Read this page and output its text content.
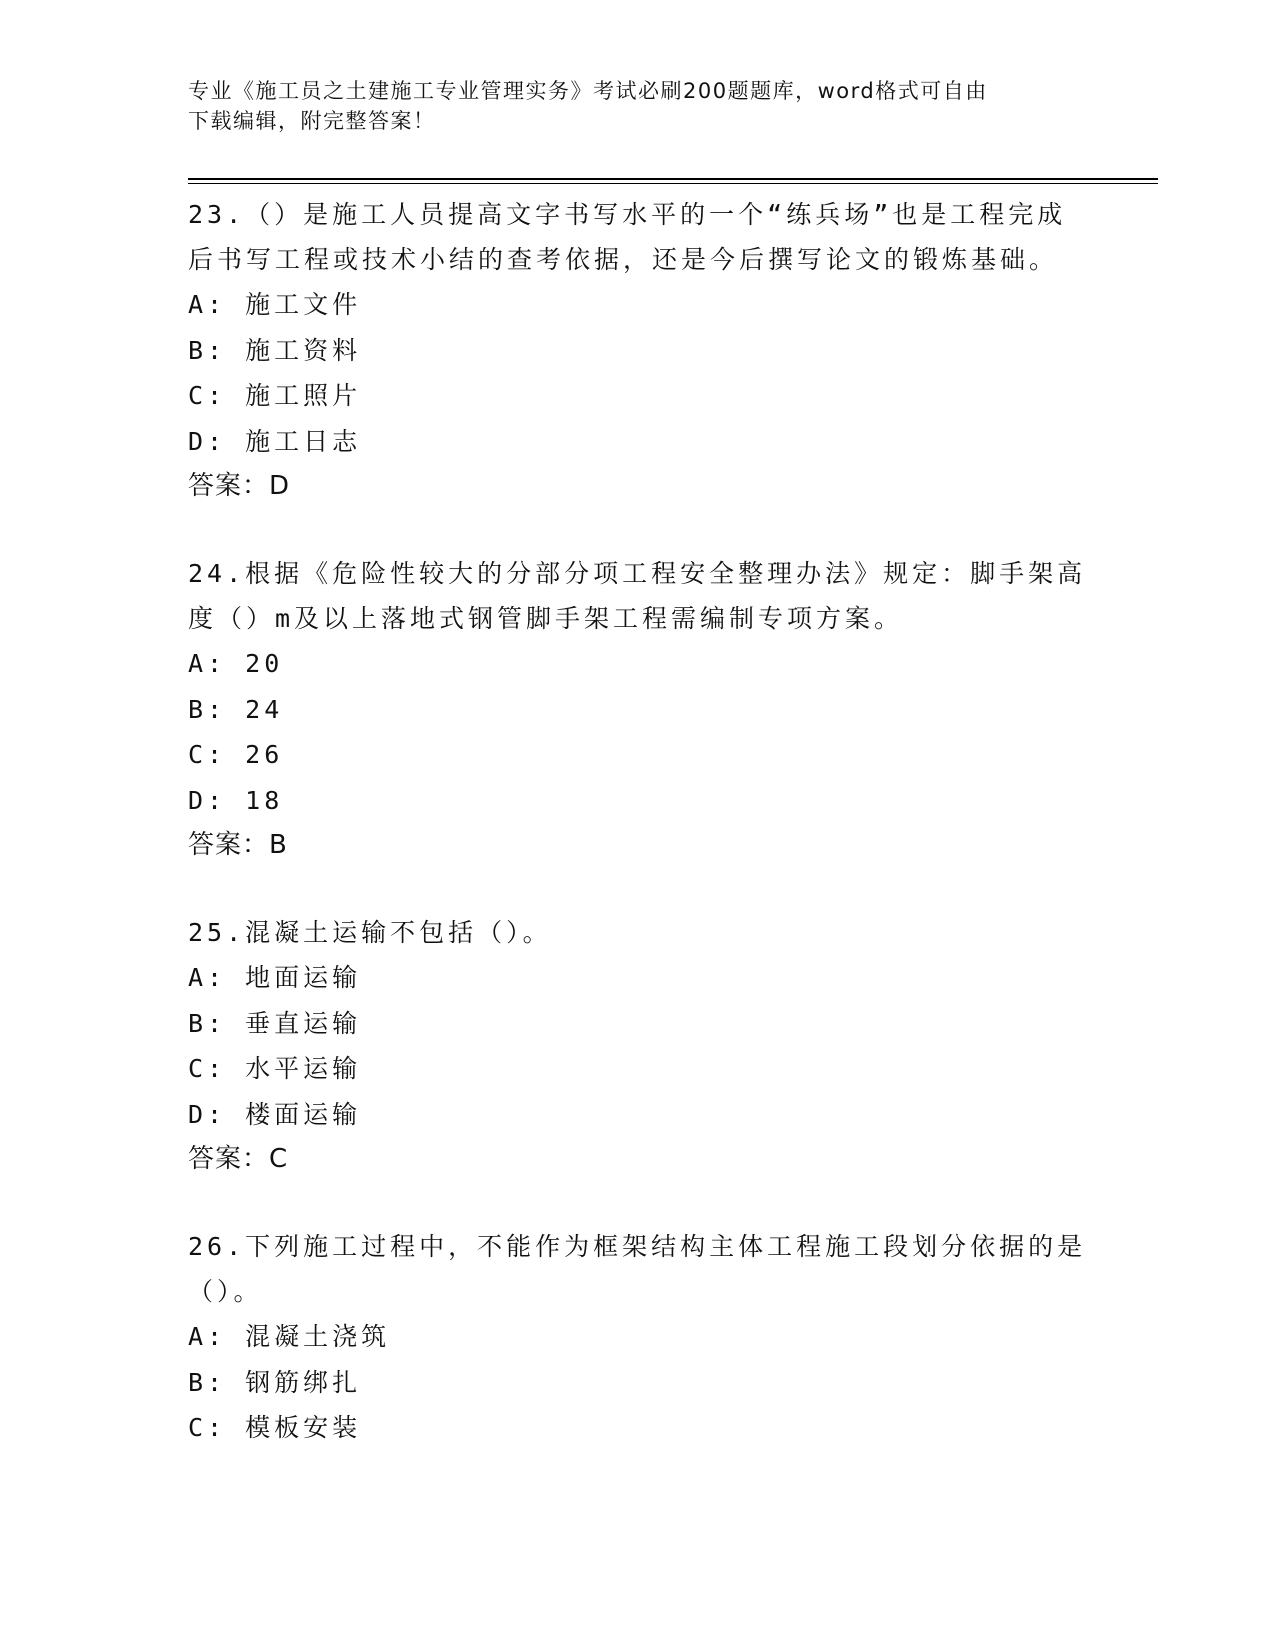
专业《施工员之土建施工专业管理实务》考试必刷200题题库，word格式可自由
下载编辑，附完整答案！

23.（）是施工人员提高文字书写水平的一个“练兵场”也是工程完成

后书写工程或技术小结的查考依据，还是今后撰写论文的锻炼基础。

A: 施工文件

B: 施工资料

C: 施工照片

D: 施工日志

答案：D

24.根据《危险性较大的分部分项工程安全整理办法》规定：脚手架高

度（）m及以上落地式钢管脚手架工程需编制专项方案。

A: 20

B: 24

C: 26

D: 18

答案：B

25.混凝土运输不包括（）。

A: 地面运输

B: 垂直运输

C: 水平运输

D: 楼面运输

答案：C

26.下列施工过程中，不能作为框架结构主体工程施工段划分依据的是

（）。

A: 混凝土浇筑

B: 钢筋绑扎

C: 模板安装
